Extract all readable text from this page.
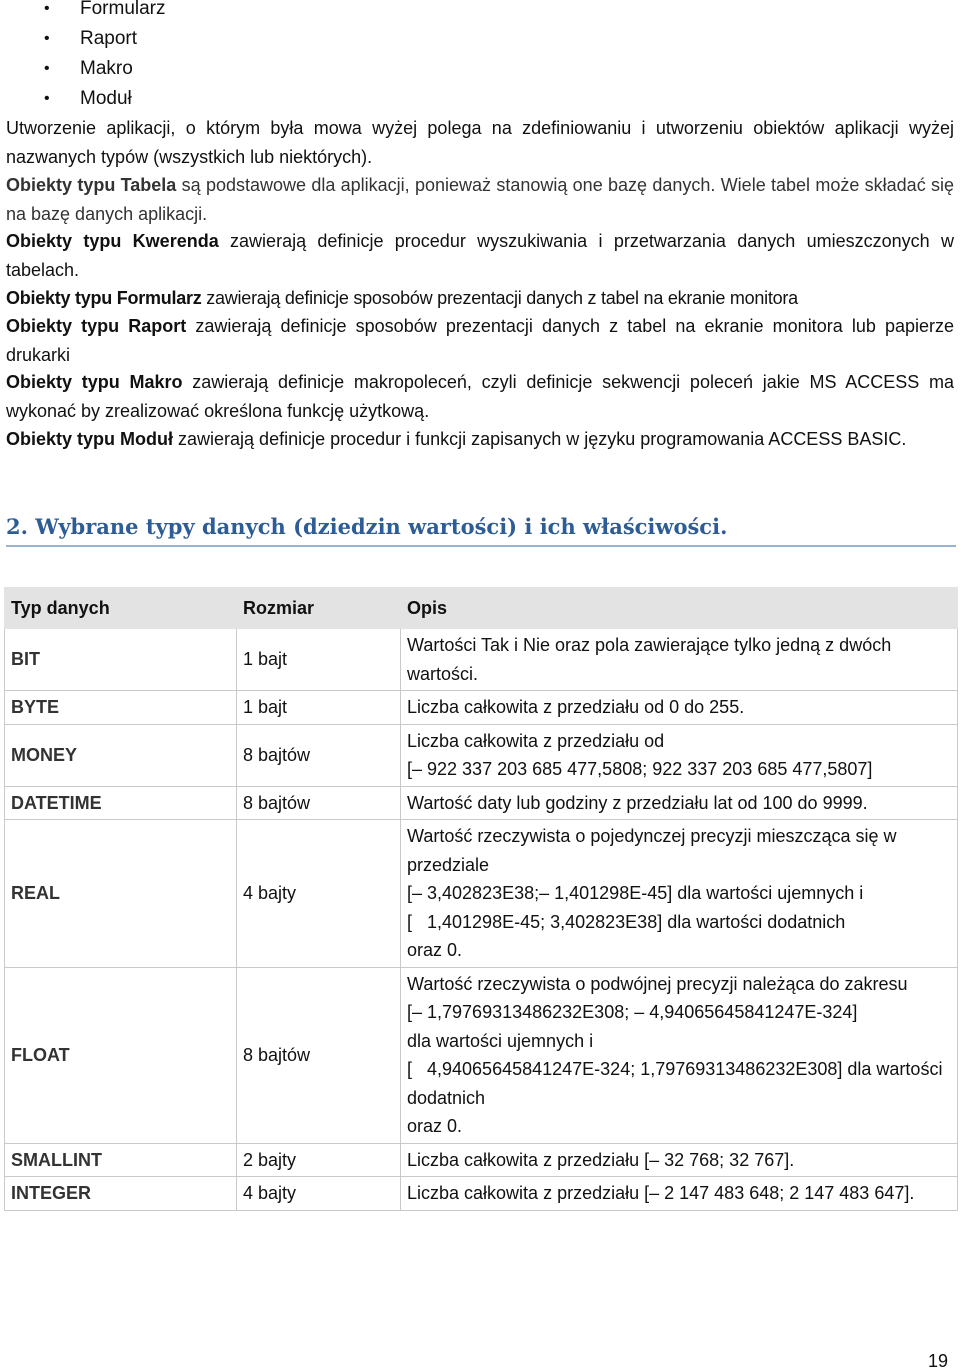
• Formularz
• Raport
• Makro
• Moduł

Utworzenie aplikacji, o którym była mowa wyżej polega na zdefiniowaniu i utworzeniu obiektów aplikacji wyżej nazwanych typów (wszystkich lub niektórych).

Obiekty typu Tabela są podstawowe dla aplikacji, ponieważ stanowią one bazę danych. Wiele tabel może składać się na bazę danych aplikacji.

Obiekty typu Kwerenda zawierają definicje procedur wyszukiwania i przetwarzania danych umieszczonych w tabelach.

Obiekty typu Formularz zawierają definicje sposobów prezentacji danych z tabel na ekranie monitora

Obiekty typu Raport zawierają definicje sposobów prezentacji danych z tabel na ekranie monitora lub papierze drukarki

Obiekty typu Makro zawierają definicje makropoleceń, czyli definicje sekwencji poleceń jakie MS ACCESS ma wykonać by zrealizować określona funkcję użytkową.

Obiekty typu Moduł zawierają definicje procedur i funkcji zapisanych w języku programowania ACCESS BASIC.

2. Wybrane typy danych (dziedzin wartości) i ich właściwości.
Typ danych	Rozmiar	Opis
BIT	1 bajt	Wartości Tak i Nie oraz pola zawierające tylko jedną z dwóch wartości.

BYTE	1 bajt	Liczba całkowita z przedziału od 0 do 255.

MONEY	8 bajtów	Liczba całkowita z przedziału od
[– 922 337 203 685 477,5808; 922 337 203 685 477,5807]

DATETIME	8 bajtów	Wartość daty lub godziny z przedziału lat od 100 do 9999.

REAL	4 bajty	Wartość rzeczywista o pojedynczej precyzji mieszcząca się w przedziale
[– 3,402823E38;– 1,401298E-45] dla wartości ujemnych i
[   1,401298E-45; 3,402823E38] dla wartości dodatnich
oraz 0.

FLOAT	8 bajtów	Wartość rzeczywista o podwójnej precyzji należąca do zakresu
[– 1,79769313486232E308; – 4,94065645841247E-324]
dla wartości ujemnych i
[   4,94065645841247E-324; 1,79769313486232E308] dla wartości dodatnich
oraz 0.

SMALLINT	2 bajty	Liczba całkowita z przedziału [– 32 768; 32 767].

INTEGER	4 bajty	Liczba całkowita z przedziału [– 2 147 483 648; 2 147 483 647].
19
